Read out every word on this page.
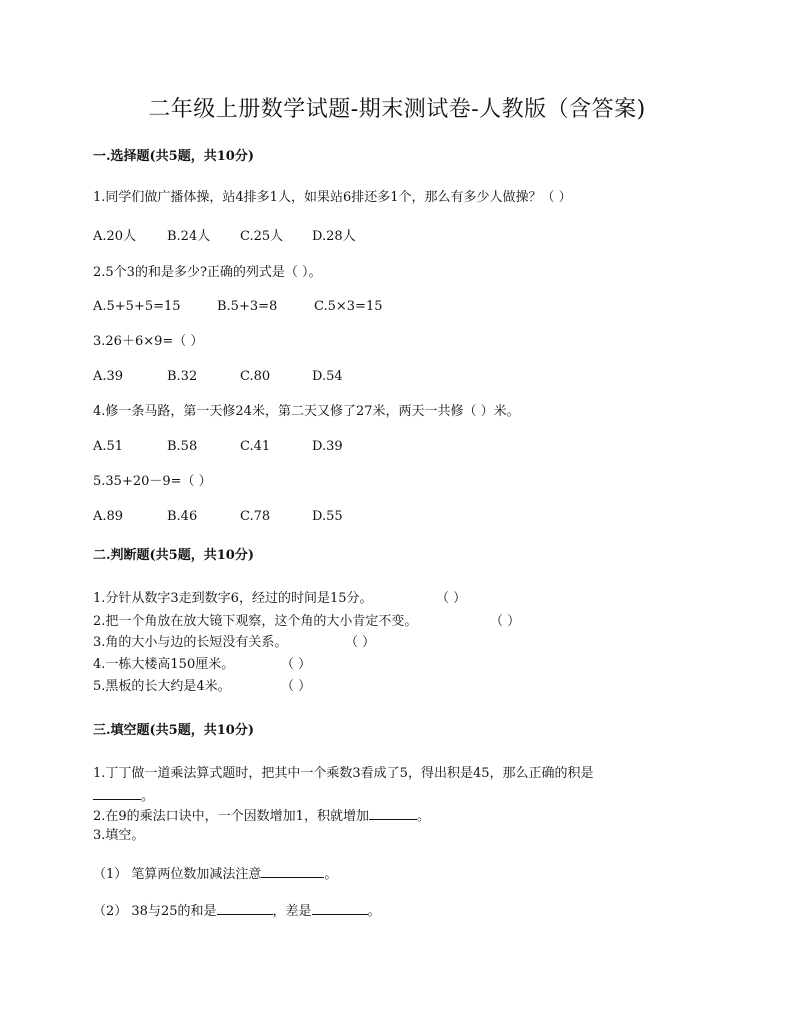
二年级上册数学试题-期末测试卷-人教版（含答案)
一.选择题(共5题，共10分)
1.同学们做广播体操，站4排多1人，如果站6排还多1个，那么有多少人做操？（ ）
A.20人 B.24人 C.25人 D.28人
2.5个3的和是多少?正确的列式是（ ）。
A.5+5+5=15	B.5+3=8	C.5×3=15
3.26＋6×9=（ ）
A.39	B.32	C.80	D.54
4.修一条马路，第一天修24米，第二天又修了27米，两天一共修（ ）米。
A.51	B.58	C.41	D.39
5.35+20－9=（ ）
A.89	B.46	C.78	D.55
二.判断题(共5题，共10分)
1.分针从数字3走到数字6，经过的时间是15分。	（ ）
2.把一个角放在放大镜下观察，这个角的大小肯定不变。	（ ）
3.角的大小与边的长短没有关系。	（ ）
4.一栋大楼高150厘米。	（ ）
5.黑板的长大约是4米。	（ ）
三.填空题(共5题，共10分)
1.丁丁做一道乘法算式题时，把其中一个乘数3看成了5，得出积是45，那么正确的积是
。
2.在9的乘法口诀中，一个因数增加1，积就增加	。
3.填空。
（1） 笔算两位数加减法注意	。
（2） 38与25的和是	，差是	。
